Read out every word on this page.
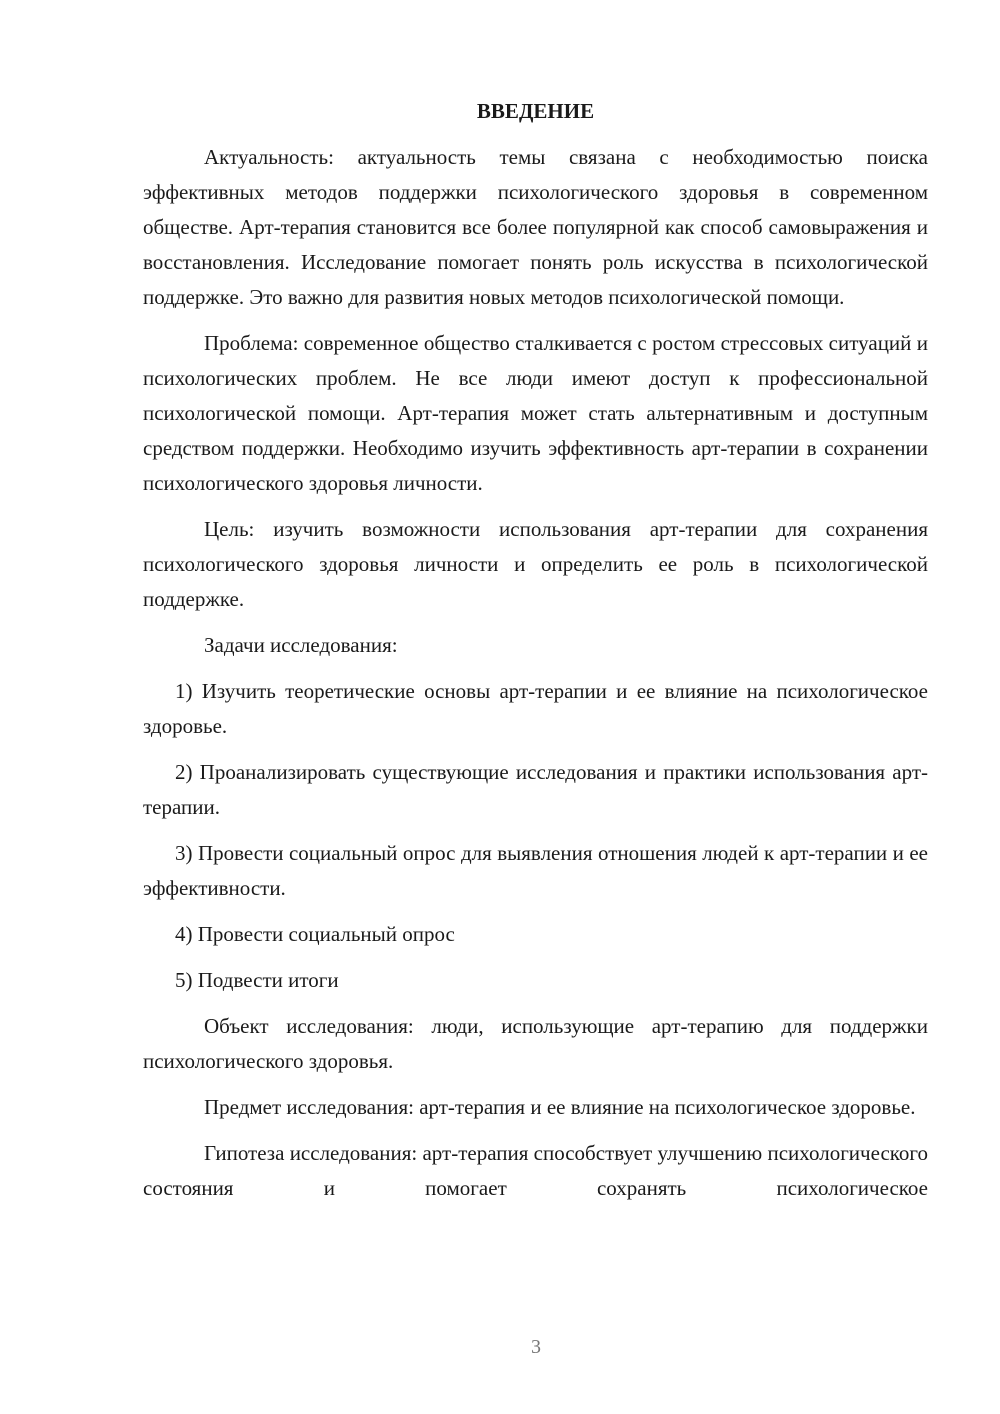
ВВЕДЕНИЕ

Актуальность: актуальность темы связана с необходимостью поиска эффективных методов поддержки психологического здоровья в современном обществе. Арт-терапия становится все более популярной как способ самовыражения и восстановления. Исследование помогает понять роль искусства в психологической поддержке. Это важно для развития новых методов психологической помощи.

Проблема: современное общество сталкивается с ростом стрессовых ситуаций и психологических проблем. Не все люди имеют доступ к профессиональной психологической помощи. Арт-терапия может стать альтернативным и доступным средством поддержки. Необходимо изучить эффективность арт-терапии в сохранении психологического здоровья личности.

Цель: изучить возможности использования арт-терапии для сохранения психологического здоровья личности и определить ее роль в психологической поддержке.

Задачи исследования:

1) Изучить теоретические основы арт-терапии и ее влияние на психологическое здоровье.

2) Проанализировать существующие исследования и практики использования арт-терапии.

3) Провести социальный опрос для выявления отношения людей к арт-терапии и ее эффективности.

4) Провести социальный опрос

5) Подвести итоги

Объект исследования: люди, использующие арт-терапию для поддержки психологического здоровья.

Предмет исследования: арт-терапия и ее влияние на психологическое здоровье.

Гипотеза исследования: арт-терапия способствует улучшению психологического состояния и помогает сохранять психологическое

3
